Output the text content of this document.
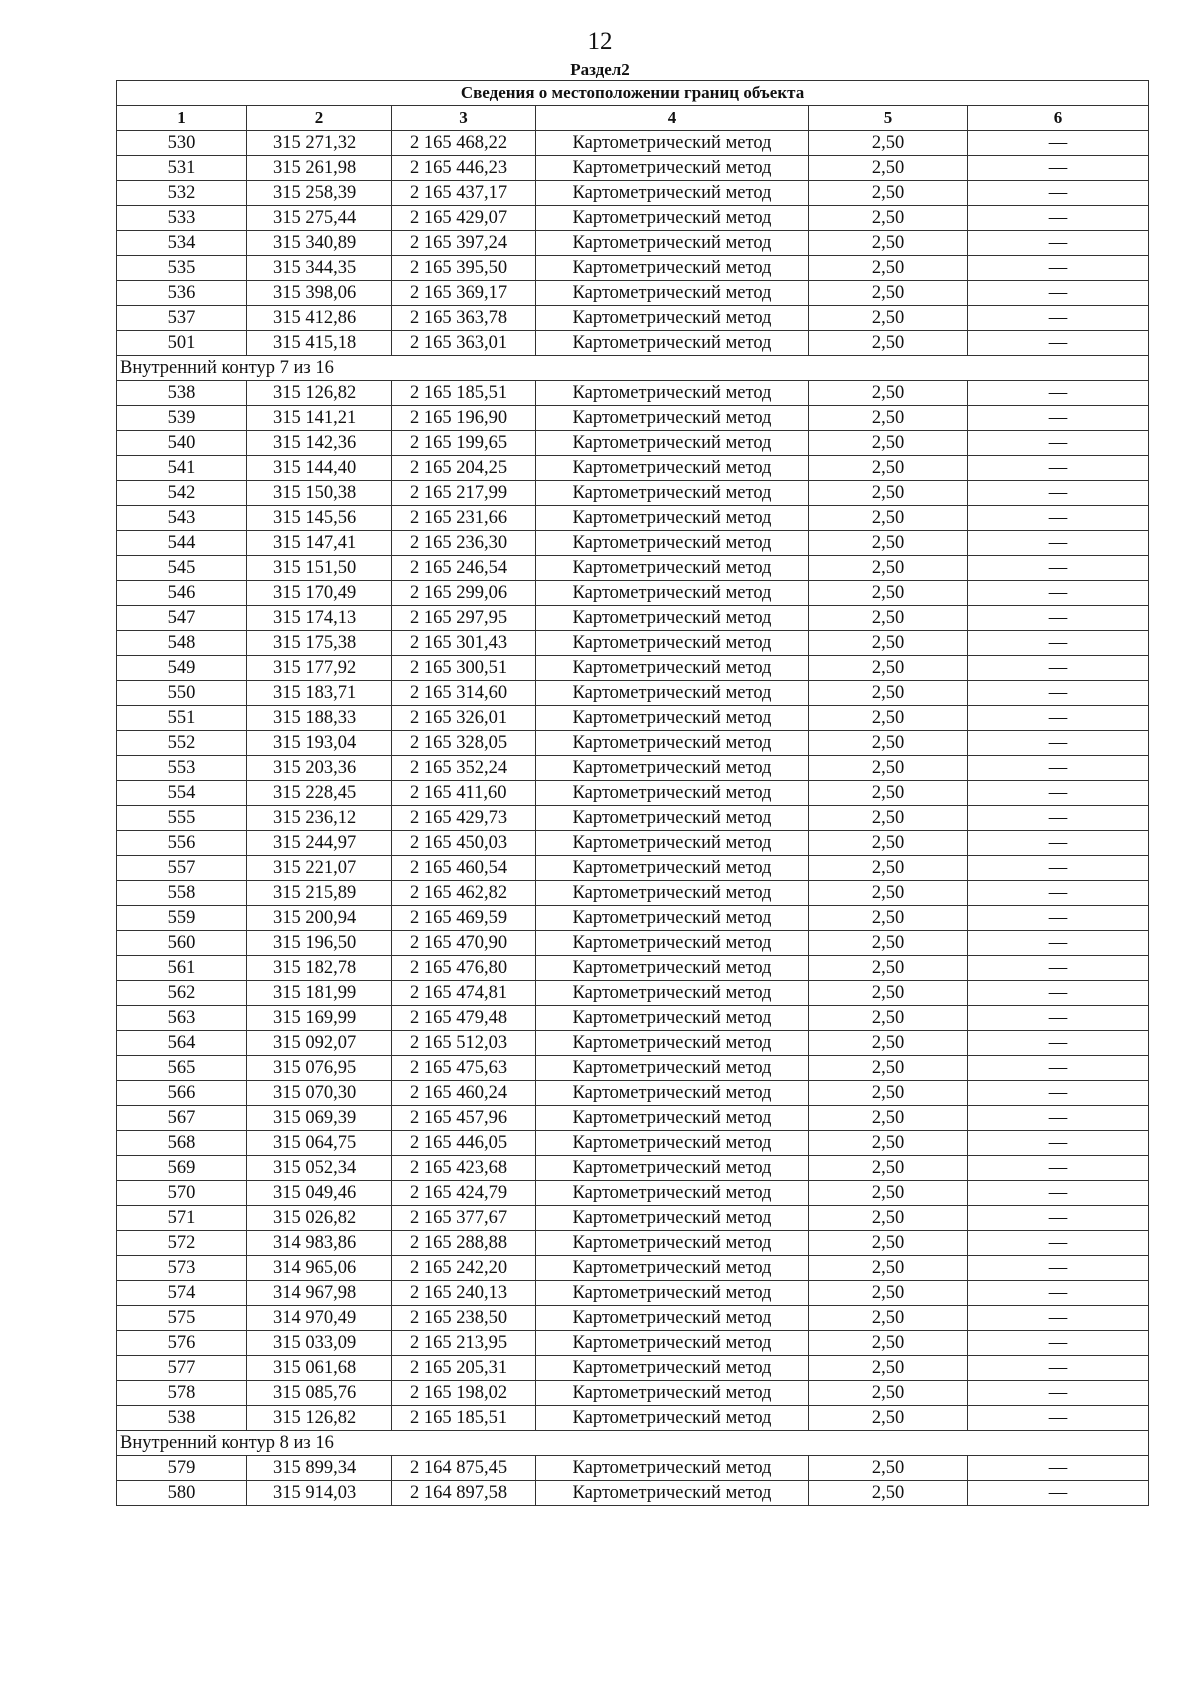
12
Раздел2
Сведения о местоположении границ объекта					
1	2	3	4	5	6
530	315 271,32	2 165 468,22	Картометрический метод	2,50	—
531	315 261,98	2 165 446,23	Картометрический метод	2,50	—
532	315 258,39	2 165 437,17	Картометрический метод	2,50	—
533	315 275,44	2 165 429,07	Картометрический метод	2,50	—
534	315 340,89	2 165 397,24	Картометрический метод	2,50	—
535	315 344,35	2 165 395,50	Картометрический метод	2,50	—
536	315 398,06	2 165 369,17	Картометрический метод	2,50	—
537	315 412,86	2 165 363,78	Картометрический метод	2,50	—
501	315 415,18	2 165 363,01	Картометрический метод	2,50	—
Внутренний контур 7 из 16					
538	315 126,82	2 165 185,51	Картометрический метод	2,50	—
539	315 141,21	2 165 196,90	Картометрический метод	2,50	—
540	315 142,36	2 165 199,65	Картометрический метод	2,50	—
541	315 144,40	2 165 204,25	Картометрический метод	2,50	—
542	315 150,38	2 165 217,99	Картометрический метод	2,50	—
543	315 145,56	2 165 231,66	Картометрический метод	2,50	—
544	315 147,41	2 165 236,30	Картометрический метод	2,50	—
545	315 151,50	2 165 246,54	Картометрический метод	2,50	—
546	315 170,49	2 165 299,06	Картометрический метод	2,50	—
547	315 174,13	2 165 297,95	Картометрический метод	2,50	—
548	315 175,38	2 165 301,43	Картометрический метод	2,50	—
549	315 177,92	2 165 300,51	Картометрический метод	2,50	—
550	315 183,71	2 165 314,60	Картометрический метод	2,50	—
551	315 188,33	2 165 326,01	Картометрический метод	2,50	—
552	315 193,04	2 165 328,05	Картометрический метод	2,50	—
553	315 203,36	2 165 352,24	Картометрический метод	2,50	—
554	315 228,45	2 165 411,60	Картометрический метод	2,50	—
555	315 236,12	2 165 429,73	Картометрический метод	2,50	—
556	315 244,97	2 165 450,03	Картометрический метод	2,50	—
557	315 221,07	2 165 460,54	Картометрический метод	2,50	—
558	315 215,89	2 165 462,82	Картометрический метод	2,50	—
559	315 200,94	2 165 469,59	Картометрический метод	2,50	—
560	315 196,50	2 165 470,90	Картометрический метод	2,50	—
561	315 182,78	2 165 476,80	Картометрический метод	2,50	—
562	315 181,99	2 165 474,81	Картометрический метод	2,50	—
563	315 169,99	2 165 479,48	Картометрический метод	2,50	—
564	315 092,07	2 165 512,03	Картометрический метод	2,50	—
565	315 076,95	2 165 475,63	Картометрический метод	2,50	—
566	315 070,30	2 165 460,24	Картометрический метод	2,50	—
567	315 069,39	2 165 457,96	Картометрический метод	2,50	—
568	315 064,75	2 165 446,05	Картометрический метод	2,50	—
569	315 052,34	2 165 423,68	Картометрический метод	2,50	—
570	315 049,46	2 165 424,79	Картометрический метод	2,50	—
571	315 026,82	2 165 377,67	Картометрический метод	2,50	—
572	314 983,86	2 165 288,88	Картометрический метод	2,50	—
573	314 965,06	2 165 242,20	Картометрический метод	2,50	—
574	314 967,98	2 165 240,13	Картометрический метод	2,50	—
575	314 970,49	2 165 238,50	Картометрический метод	2,50	—
576	315 033,09	2 165 213,95	Картометрический метод	2,50	—
577	315 061,68	2 165 205,31	Картометрический метод	2,50	—
578	315 085,76	2 165 198,02	Картометрический метод	2,50	—
538	315 126,82	2 165 185,51	Картометрический метод	2,50	—
Внутренний контур 8 из 16					
579	315 899,34	2 164 875,45	Картометрический метод	2,50	—
580	315 914,03	2 164 897,58	Картометрический метод	2,50	—
